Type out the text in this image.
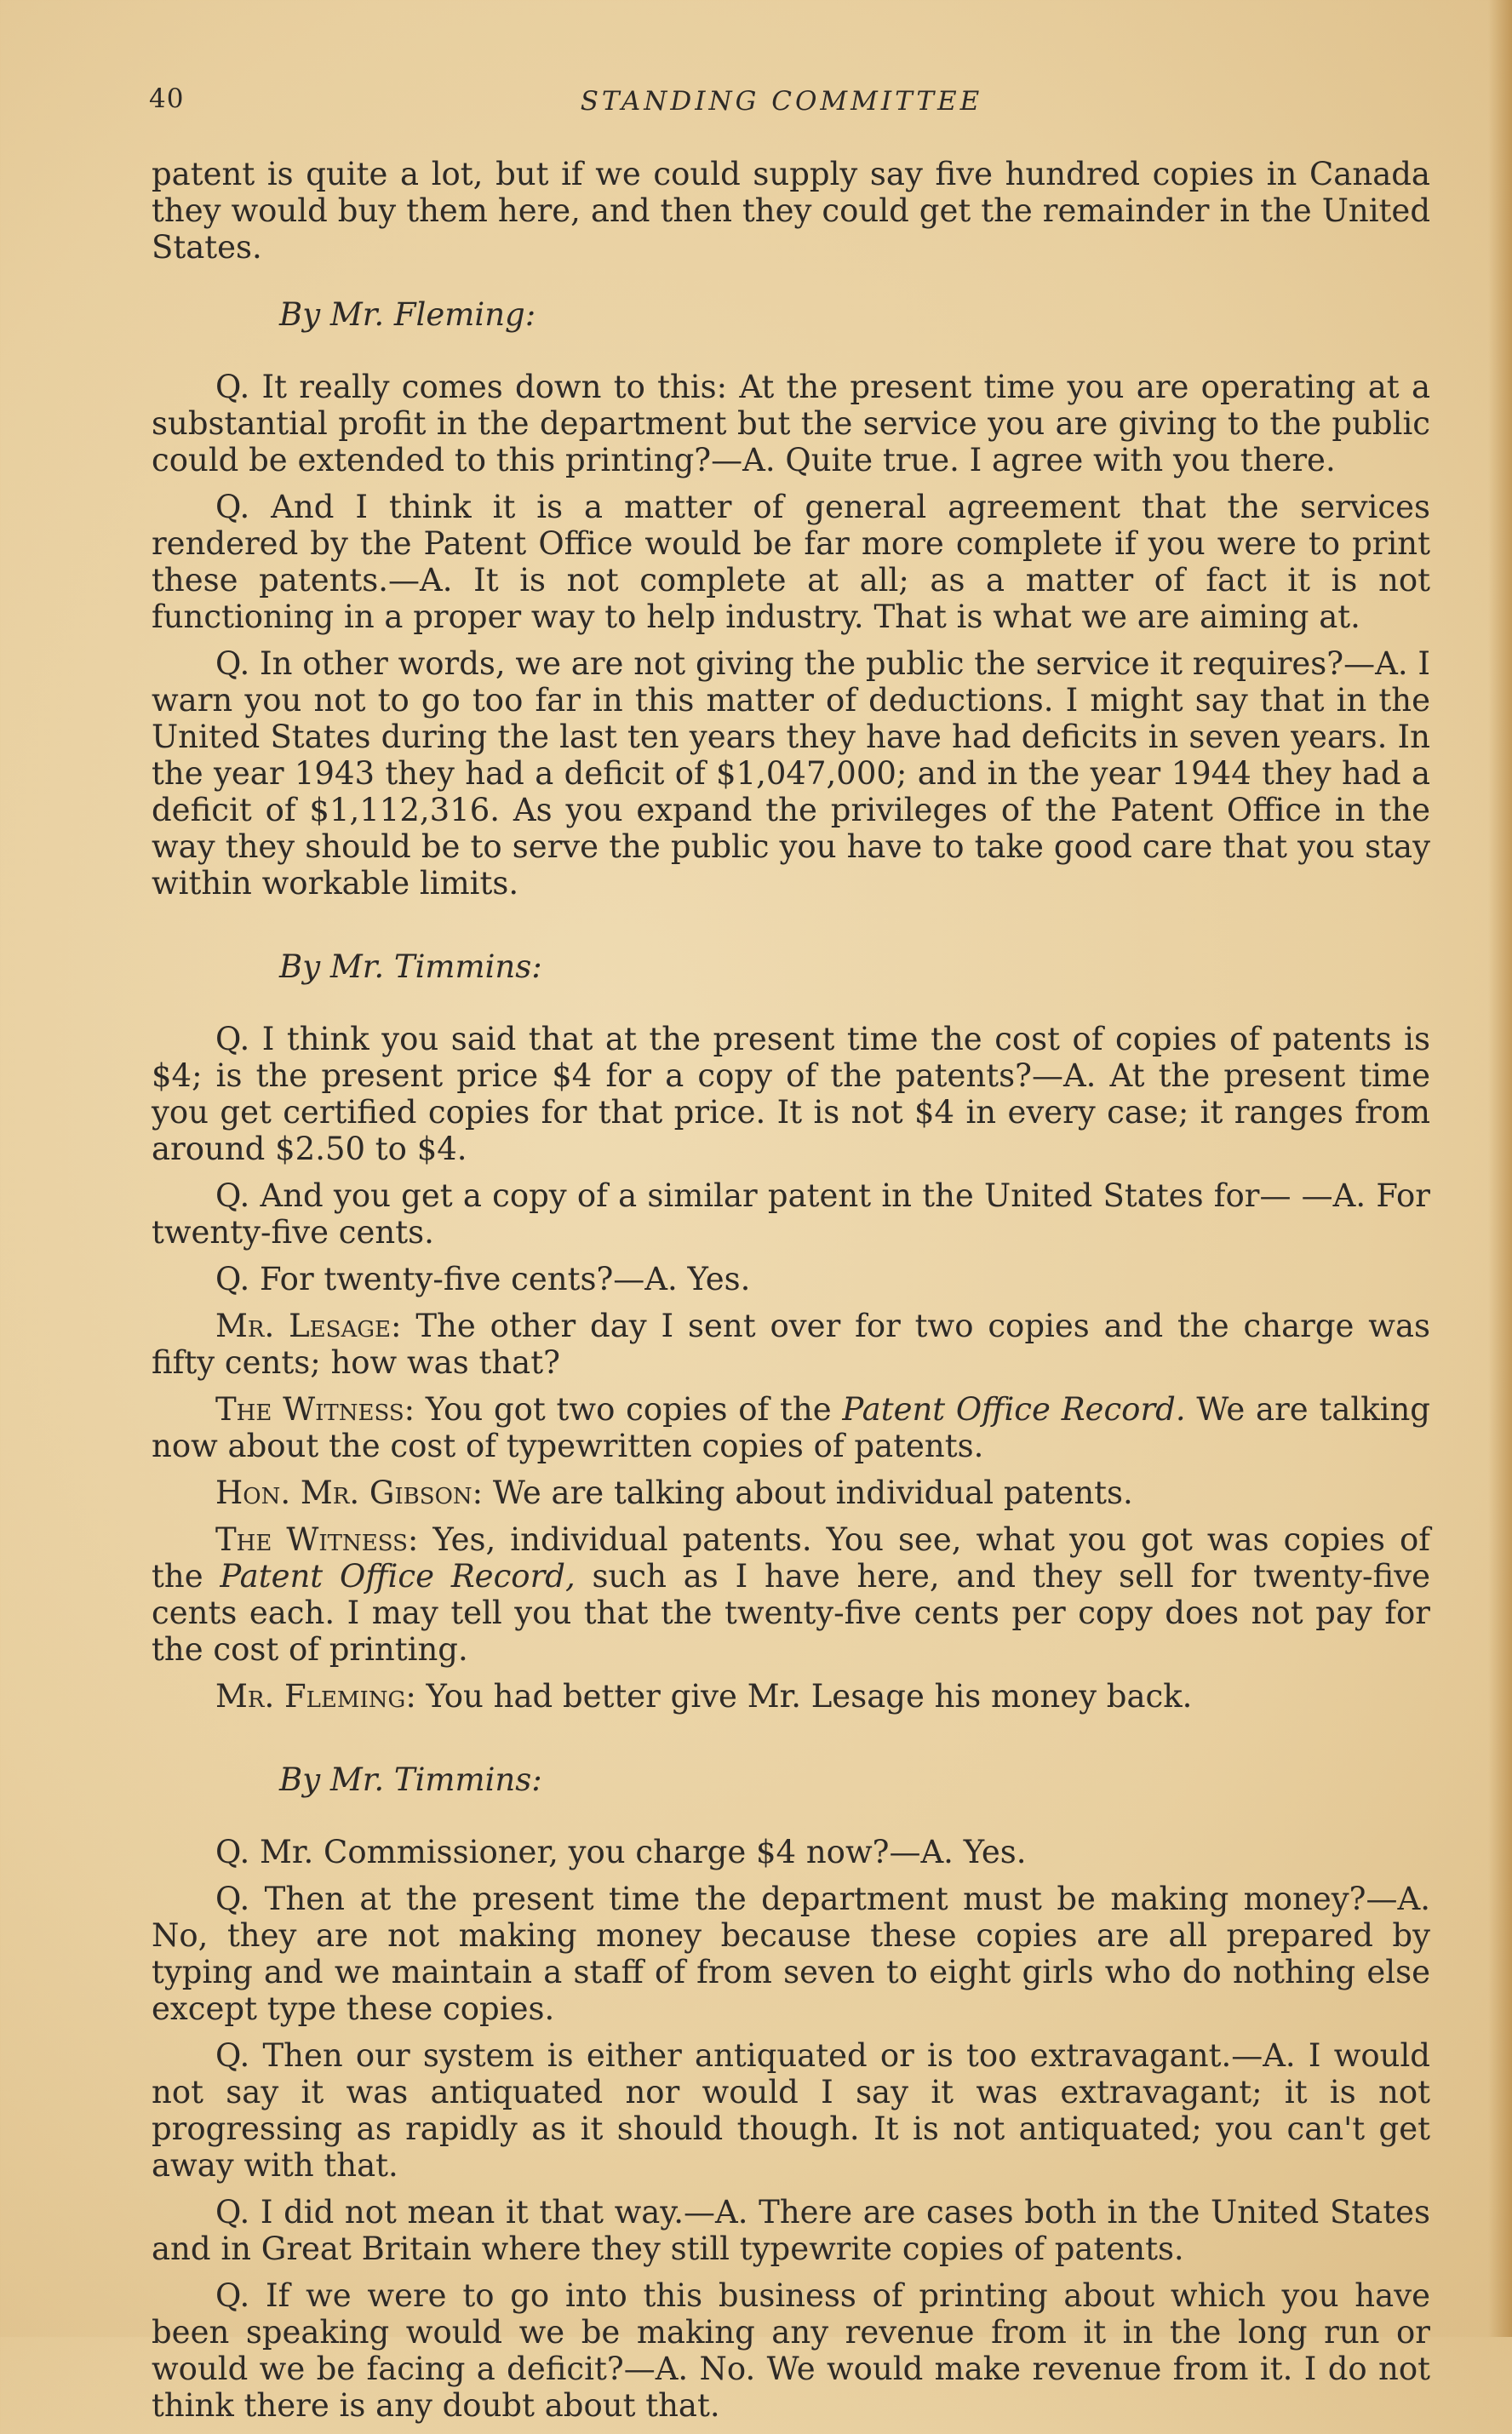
40	STANDING COMMITTEE

patent is quite a lot, but if we could supply say five hundred copies in Canada they would buy them here, and then they could get the remainder in the United States.

By Mr. Fleming:

Q. It really comes down to this: At the present time you are operating at a substantial profit in the department but the service you are giving to the public could be extended to this printing?—A. Quite true. I agree with you there.

Q. And I think it is a matter of general agreement that the services rendered by the Patent Office would be far more complete if you were to print these patents.—A. It is not complete at all; as a matter of fact it is not functioning in a proper way to help industry. That is what we are aiming at.

Q. In other words, we are not giving the public the service it requires?—A. I warn you not to go too far in this matter of deductions. I might say that in the United States during the last ten years they have had deficits in seven years. In the year 1943 they had a deficit of $1,047,000; and in the year 1944 they had a deficit of $1,112,316. As you expand the privileges of the Patent Office in the way they should be to serve the public you have to take good care that you stay within workable limits.

By Mr. Timmins:

Q. I think you said that at the present time the cost of copies of patents is $4; is the present price $4 for a copy of the patents?—A. At the present time you get certified copies for that price. It is not $4 in every case; it ranges from around $2.50 to $4.

Q. And you get a copy of a similar patent in the United States for— —A. For twenty-five cents.

Q. For twenty-five cents?—A. Yes.

Mr. Lesage: The other day I sent over for two copies and the charge was fifty cents; how was that?

The Witness: You got two copies of the Patent Office Record. We are talking now about the cost of typewritten copies of patents.

Hon. Mr. Gibson: We are talking about individual patents.

The Witness: Yes, individual patents. You see, what you got was copies of the Patent Office Record, such as I have here, and they sell for twenty-five cents each. I may tell you that the twenty-five cents per copy does not pay for the cost of printing.

Mr. Fleming: You had better give Mr. Lesage his money back.

By Mr. Timmins:

Q. Mr. Commissioner, you charge $4 now?—A. Yes.

Q. Then at the present time the department must be making money?—A. No, they are not making money because these copies are all prepared by typing and we maintain a staff of from seven to eight girls who do nothing else except type these copies.

Q. Then our system is either antiquated or is too extravagant.—A. I would not say it was antiquated nor would I say it was extravagant; it is not progressing as rapidly as it should though. It is not antiquated; you can't get away with that.

Q. I did not mean it that way.—A. There are cases both in the United States and in Great Britain where they still typewrite copies of patents.

Q. If we were to go into this business of printing about which you have been speaking would we be making any revenue from it in the long run or would we be facing a deficit?—A. No. We would make revenue from it. I do not think there is any doubt about that.
